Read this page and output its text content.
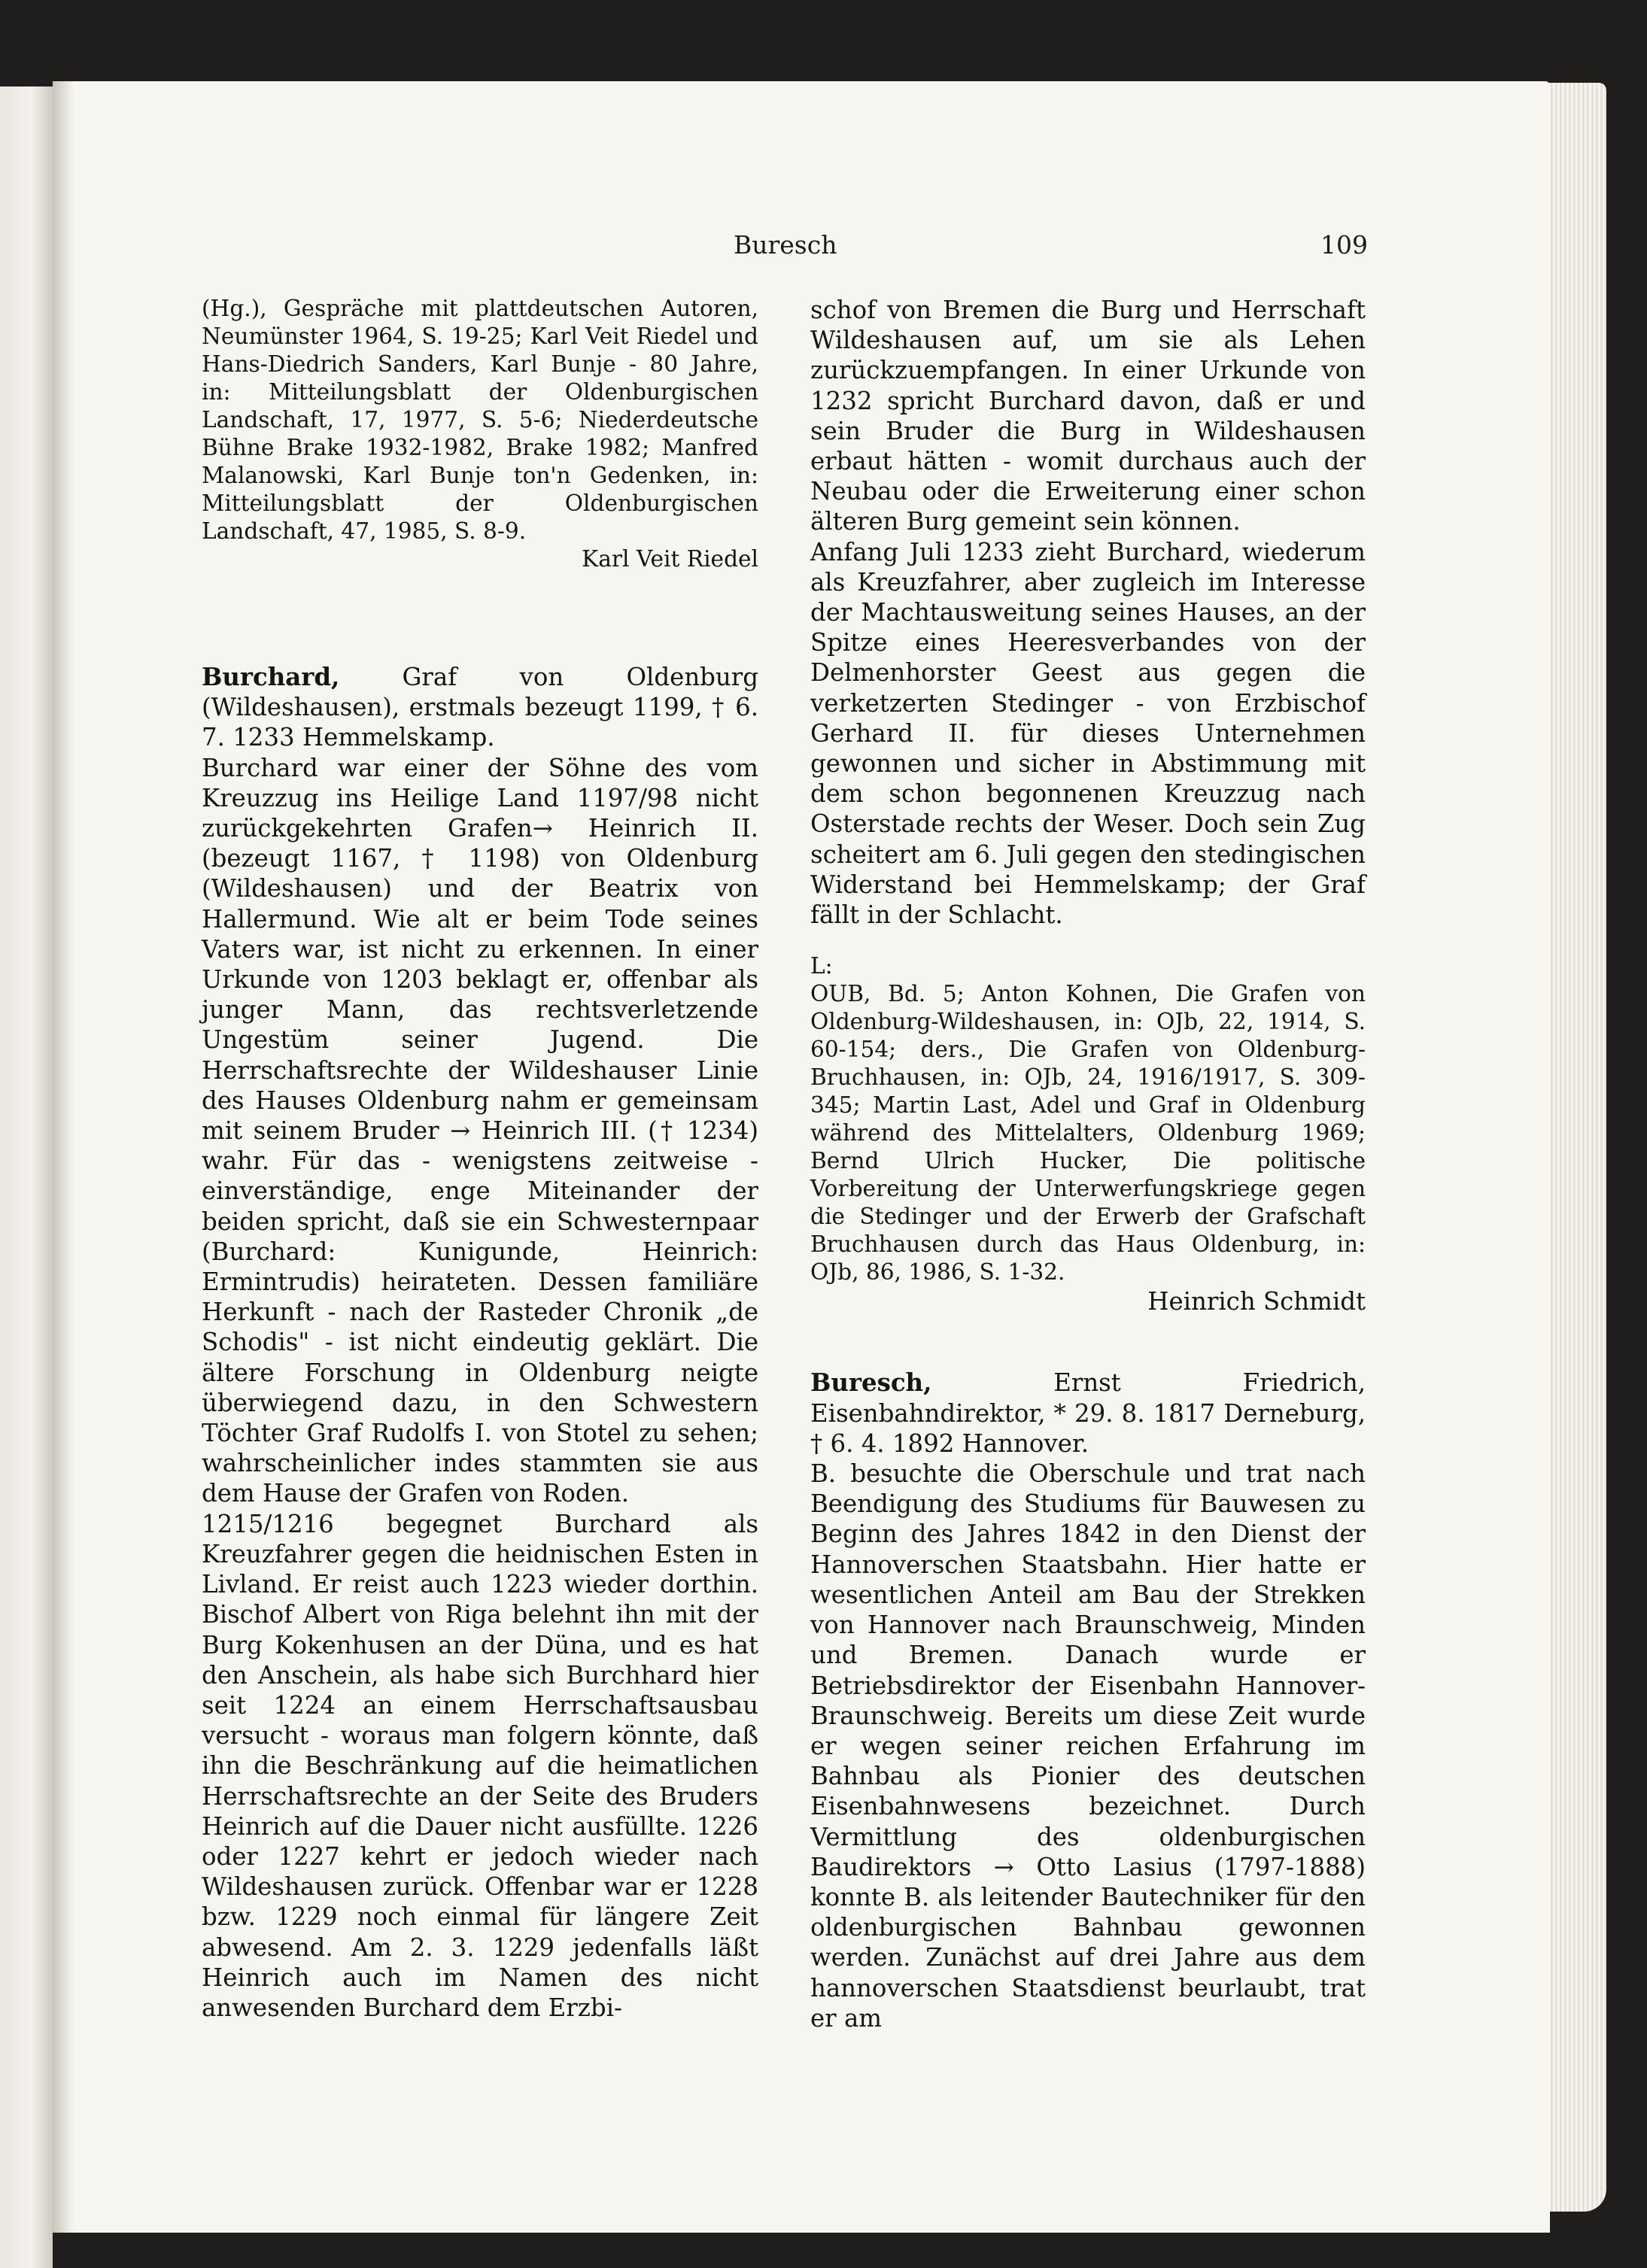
Buresch	109

(Hg.), Gespräche mit plattdeutschen Autoren, Neumünster 1964, S. 19-25; Karl Veit Riedel und Hans-Diedrich Sanders, Karl Bunje - 80 Jahre, in: Mitteilungsblatt der Oldenburgischen Landschaft, 17, 1977, S. 5-6; Niederdeutsche Bühne Brake 1932-1982, Brake 1982; Manfred Malanowski, Karl Bunje ton'n Gedenken, in: Mitteilungsblatt der Oldenburgischen Landschaft, 47, 1985, S. 8-9.

Karl Veit Riedel

Burchard, Graf von Oldenburg (Wildeshausen), erstmals bezeugt 1199, † 6. 7. 1233 Hemmelskamp.

Burchard war einer der Söhne des vom Kreuzzug ins Heilige Land 1197/98 nicht zurückgekehrten Grafen→ Heinrich II. (bezeugt 1167, † 1198) von Oldenburg (Wildeshausen) und der Beatrix von Hallermund. Wie alt er beim Tode seines Vaters war, ist nicht zu erkennen. In einer Urkunde von 1203 beklagt er, offenbar als junger Mann, das rechtsverletzende Ungestüm seiner Jugend. Die Herrschaftsrechte der Wildeshauser Linie des Hauses Oldenburg nahm er gemeinsam mit seinem Bruder → Heinrich III. († 1234) wahr. Für das - wenigstens zeitweise - einverständige, enge Miteinander der beiden spricht, daß sie ein Schwesternpaar (Burchard: Kunigunde, Heinrich: Ermintrudis) heirateten. Dessen familiäre Herkunft - nach der Rasteder Chronik „de Schodis" - ist nicht eindeutig geklärt. Die ältere Forschung in Oldenburg neigte überwiegend dazu, in den Schwestern Töchter Graf Rudolfs I. von Stotel zu sehen; wahrscheinlicher indes stammten sie aus dem Hause der Grafen von Roden.

1215/1216 begegnet Burchard als Kreuzfahrer gegen die heidnischen Esten in Livland. Er reist auch 1223 wieder dorthin. Bischof Albert von Riga belehnt ihn mit der Burg Kokenhusen an der Düna, und es hat den Anschein, als habe sich Burchhard hier seit 1224 an einem Herrschaftsausbau versucht - woraus man folgern könnte, daß ihn die Beschränkung auf die heimatlichen Herrschaftsrechte an der Seite des Bruders Heinrich auf die Dauer nicht ausfüllte. 1226 oder 1227 kehrt er jedoch wieder nach Wildeshausen zurück. Offenbar war er 1228 bzw. 1229 noch einmal für längere Zeit abwesend. Am 2. 3. 1229 jedenfalls läßt Heinrich auch im Namen des nicht anwesenden Burchard dem Erzbi-

schof von Bremen die Burg und Herrschaft Wildeshausen auf, um sie als Lehen zurückzuempfangen. In einer Urkunde von 1232 spricht Burchard davon, daß er und sein Bruder die Burg in Wildeshausen erbaut hätten - womit durchaus auch der Neubau oder die Erweiterung einer schon älteren Burg gemeint sein können.

Anfang Juli 1233 zieht Burchard, wiederum als Kreuzfahrer, aber zugleich im Interesse der Machtausweitung seines Hauses, an der Spitze eines Heeresverbandes von der Delmenhorster Geest aus gegen die verketzerten Stedinger - von Erzbischof Gerhard II. für dieses Unternehmen gewonnen und sicher in Abstimmung mit dem schon begonnenen Kreuzzug nach Osterstade rechts der Weser. Doch sein Zug scheitert am 6. Juli gegen den stedingischen Widerstand bei Hemmelskamp; der Graf fällt in der Schlacht.

L:

OUB, Bd. 5; Anton Kohnen, Die Grafen von Oldenburg-Wildeshausen, in: OJb, 22, 1914, S. 60-154; ders., Die Grafen von Oldenburg-Bruchhausen, in: OJb, 24, 1916/1917, S. 309-345; Martin Last, Adel und Graf in Oldenburg während des Mittelalters, Oldenburg 1969; Bernd Ulrich Hucker, Die politische Vorbereitung der Unterwerfungskriege gegen die Stedinger und der Erwerb der Grafschaft Bruchhausen durch das Haus Oldenburg, in: OJb, 86, 1986, S. 1-32.

Heinrich Schmidt

Buresch, Ernst Friedrich, Eisenbahndirektor, * 29. 8. 1817 Derneburg, † 6. 4. 1892 Hannover.

B. besuchte die Oberschule und trat nach Beendigung des Studiums für Bauwesen zu Beginn des Jahres 1842 in den Dienst der Hannoverschen Staatsbahn. Hier hatte er wesentlichen Anteil am Bau der Strekken von Hannover nach Braunschweig, Minden und Bremen. Danach wurde er Betriebsdirektor der Eisenbahn Hannover-Braunschweig. Bereits um diese Zeit wurde er wegen seiner reichen Erfahrung im Bahnbau als Pionier des deutschen Eisenbahnwesens bezeichnet. Durch Vermittlung des oldenburgischen Baudirektors → Otto Lasius (1797-1888) konnte B. als leitender Bautechniker für den oldenburgischen Bahnbau gewonnen werden. Zunächst auf drei Jahre aus dem hannoverschen Staatsdienst beurlaubt, trat er am
